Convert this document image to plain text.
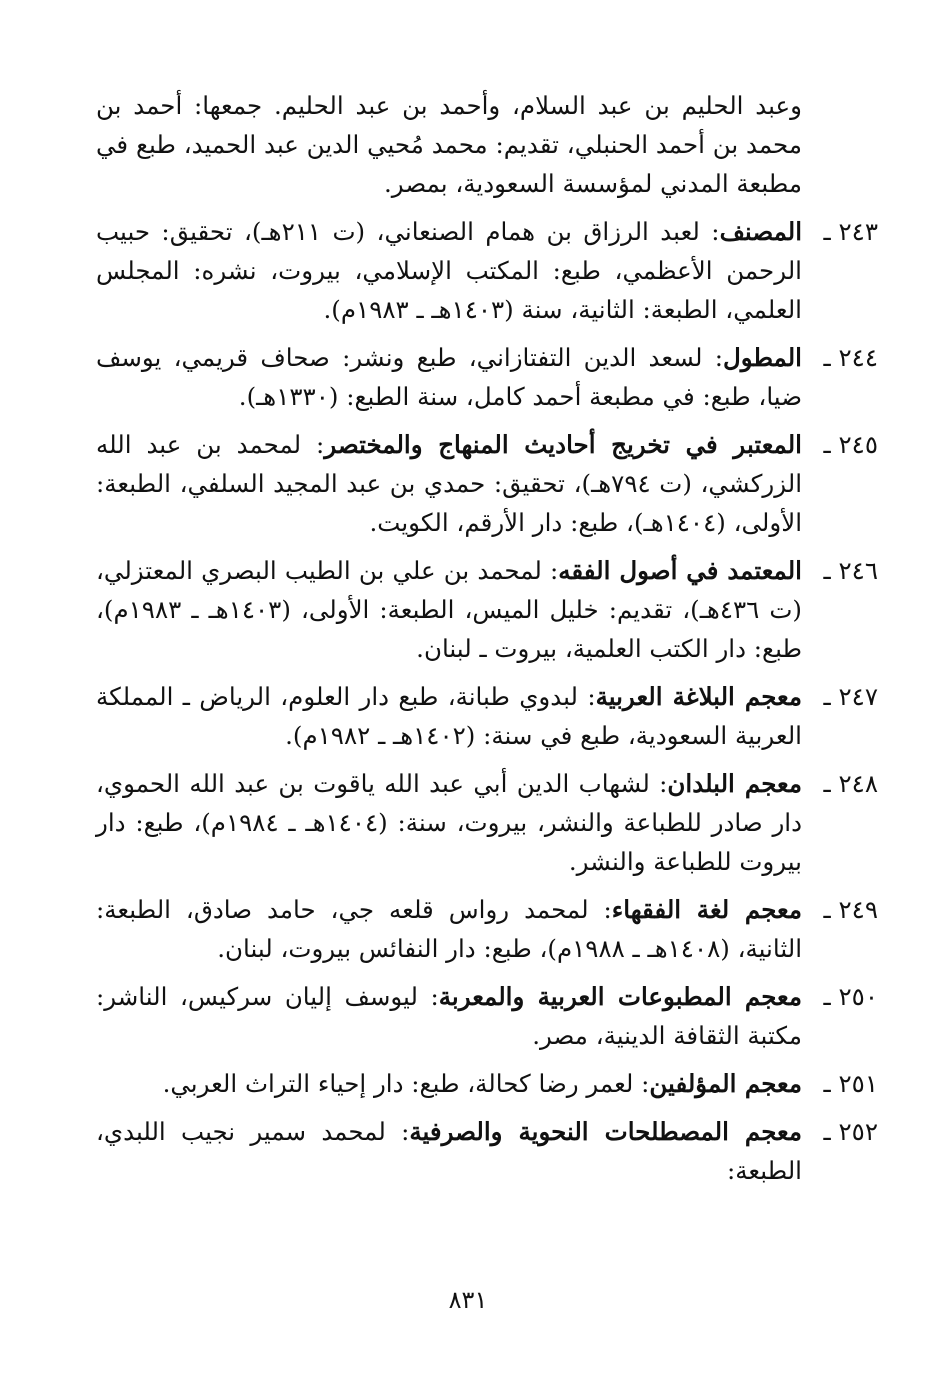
وعبد الحليم بن عبد السلام، وأحمد بن عبد الحليم. جمعها: أحمد بن محمد بن أحمد الحنبلي، تقديم: محمد مُحيي الدين عبد الحميد، طبع في مطبعة المدني لمؤسسة السعودية، بمصر.

٢٤٣ ـ
المصنف: لعبد الرزاق بن همام الصنعاني، (ت ٢١١هـ)، تحقيق: حبيب الرحمن الأعظمي، طبع: المكتب الإسلامي، بيروت، نشره: المجلس العلمي، الطبعة: الثانية، سنة (١٤٠٣هـ ـ ١٩٨٣م).
٢٤٤ ـ
المطول: لسعد الدين التفتازاني، طبع ونشر: صحاف قريمي، يوسف ضيا، طبع: في مطبعة أحمد كامل، سنة الطبع: (١٣٣٠هـ).
٢٤٥ ـ
المعتبر في تخريج أحاديث المنهاج والمختصر: لمحمد بن عبد الله الزركشي، (ت ٧٩٤هـ)، تحقيق: حمدي بن عبد المجيد السلفي، الطبعة: الأولى، (١٤٠٤هـ)، طبع: دار الأرقم، الكويت.
٢٤٦ ـ
المعتمد في أصول الفقه: لمحمد بن علي بن الطيب البصري المعتزلي، (ت ٤٣٦هـ)، تقديم: خليل الميس، الطبعة: الأولى، (١٤٠٣هـ ـ ١٩٨٣م)، طبع: دار الكتب العلمية، بيروت ـ لبنان.
٢٤٧ ـ
معجم البلاغة العربية: لبدوي طبانة، طبع دار العلوم، الرياض ـ المملكة العربية السعودية، طبع في سنة: (١٤٠٢هـ ـ ١٩٨٢م).
٢٤٨ ـ
معجم البلدان: لشهاب الدين أبي عبد الله ياقوت بن عبد الله الحموي، دار صادر للطباعة والنشر، بيروت، سنة: (١٤٠٤هـ ـ ١٩٨٤م)، طبع: دار بيروت للطباعة والنشر.
٢٤٩ ـ
معجم لغة الفقهاء: لمحمد رواس قلعه جي، حامد صادق، الطبعة: الثانية، (١٤٠٨هـ ـ ١٩٨٨م)، طبع: دار النفائس بيروت، لبنان.
٢٥٠ ـ
معجم المطبوعات العربية والمعربة: ليوسف إليان سركيس، الناشر: مكتبة الثقافة الدينية، مصر.
٢٥١ ـ
معجم المؤلفين: لعمر رضا كحالة، طبع: دار إحياء التراث العربي.
٢٥٢ ـ
معجم المصطلحات النحوية والصرفية: لمحمد سمير نجيب اللبدي، الطبعة:
٨٣١
